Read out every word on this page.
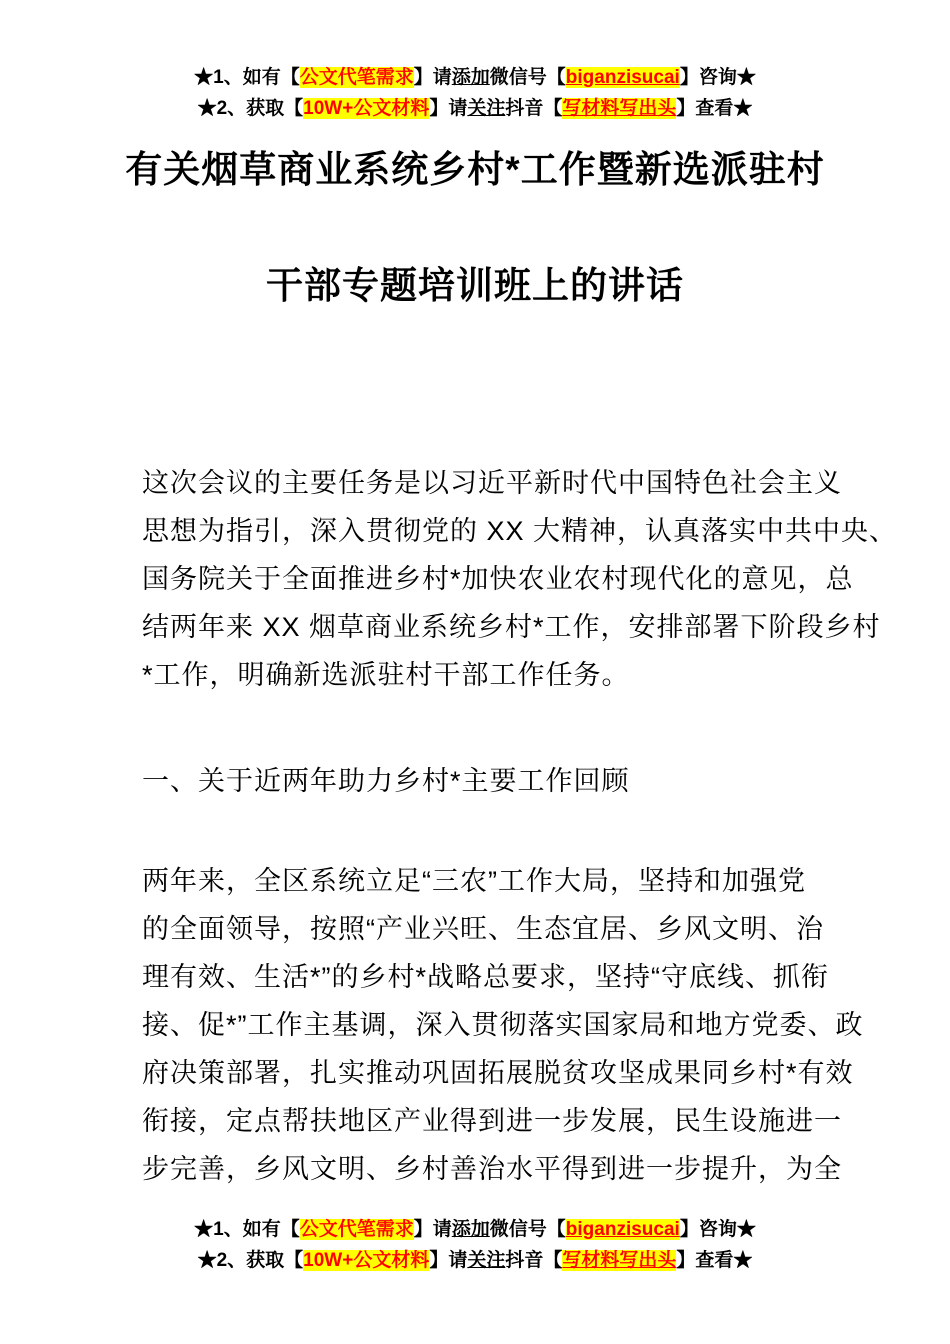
★1、如有【公文代笔需求】请添加微信号【biganzisucai】咨询★
★2、获取【10W+公文材料】请关注抖音【写材料写出头】查看★
有关烟草商业系统乡村*工作暨新选派驻村
干部专题培训班上的讲话
这次会议的主要任务是以习近平新时代中国特色社会主义
思想为指引，深入贯彻党的 XX 大精神，认真落实中共中央、
国务院关于全面推进乡村*加快农业农村现代化的意见，总
结两年来 XX 烟草商业系统乡村*工作，安排部署下阶段乡村
*工作，明确新选派驻村干部工作任务。
一、关于近两年助力乡村*主要工作回顾
两年来，全区系统立足“三农”工作大局，坚持和加强党
的全面领导，按照“产业兴旺、生态宜居、乡风文明、治
理有效、生活*”的乡村*战略总要求，坚持“守底线、抓衔
接、促*”工作主基调，深入贯彻落实国家局和地方党委、政
府决策部署，扎实推动巩固拓展脱贫攻坚成果同乡村*有效
衔接，定点帮扶地区产业得到进一步发展，民生设施进一
步完善，乡风文明、乡村善治水平得到进一步提升，为全
★1、如有【公文代笔需求】请添加微信号【biganzisucai】咨询★
★2、获取【10W+公文材料】请关注抖音【写材料写出头】查看★
